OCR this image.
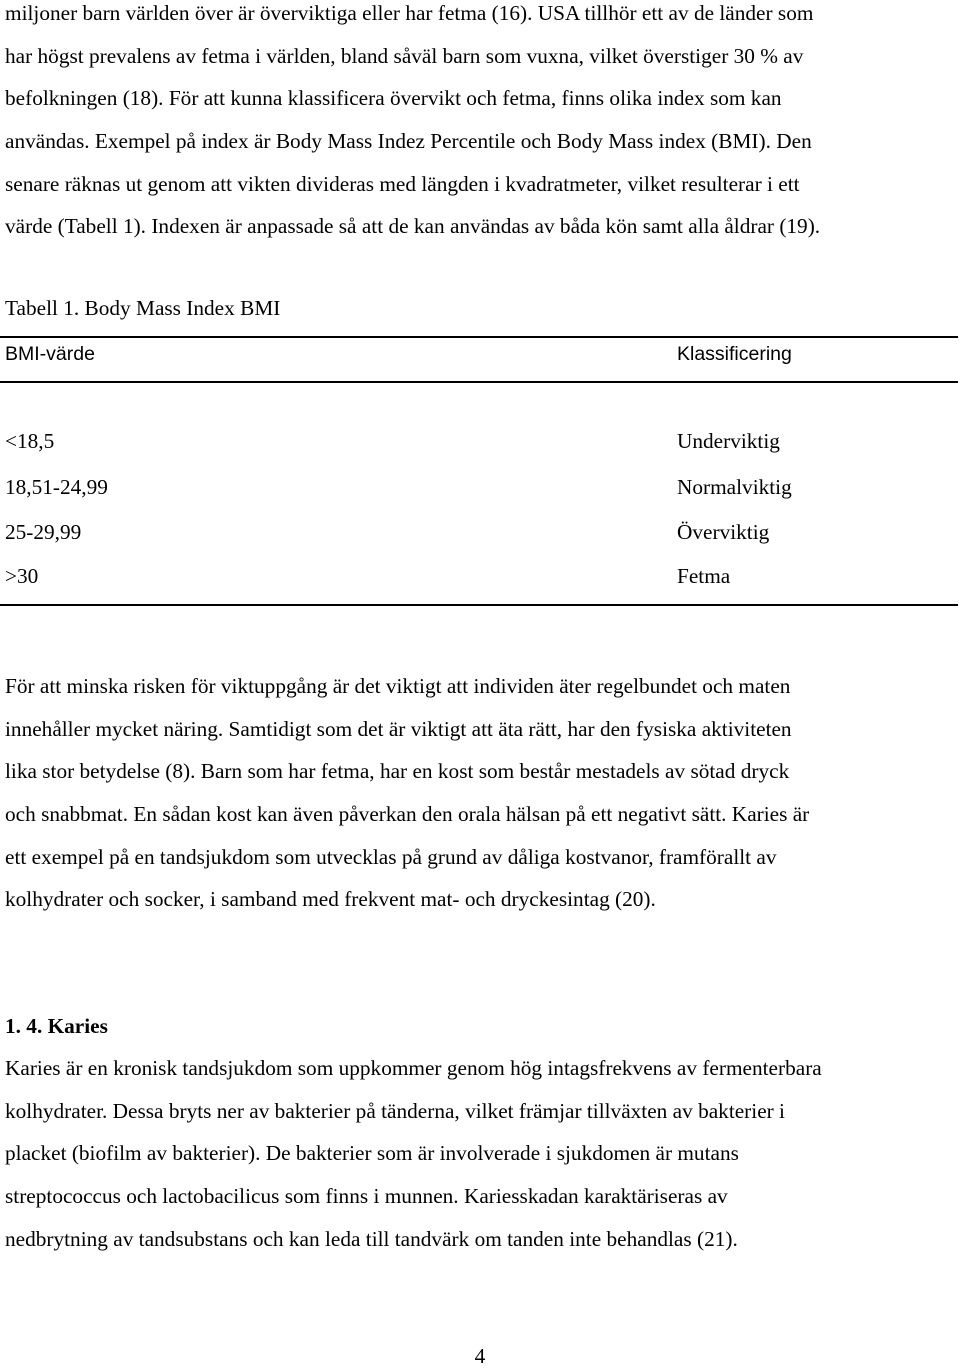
miljoner barn världen över är överviktiga eller har fetma (16). USA tillhör ett av de länder som
har högst prevalens av fetma i världen, bland såväl barn som vuxna, vilket överstiger 30 % av
befolkningen (18). För att kunna klassificera övervikt och fetma, finns olika index som kan
användas. Exempel på index är Body Mass Indez Percentile och Body Mass index (BMI). Den
senare räknas ut genom att vikten divideras med längden i kvadratmeter, vilket resulterar i ett
värde (Tabell 1). Indexen är anpassade så att de kan användas av båda kön samt alla åldrar (19).

Tabell 1. Body Mass Index BMI

BMI-värde	Klassificering
<18,5	Underviktig
18,51-24,99	Normalviktig
25-29,99	Överviktig
>30	Fetma

För att minska risken för viktuppgång är det viktigt att individen äter regelbundet och maten
innehåller mycket näring. Samtidigt som det är viktigt att äta rätt, har den fysiska aktiviteten
lika stor betydelse (8). Barn som har fetma, har en kost som består mestadels av sötad dryck
och snabbmat. En sådan kost kan även påverkan den orala hälsan på ett negativt sätt. Karies är
ett exempel på en tandsjukdom som utvecklas på grund av dåliga kostvanor, framförallt av
kolhydrater och socker, i samband med frekvent mat- och dryckesintag (20).

1. 4. Karies

Karies är en kronisk tandsjukdom som uppkommer genom hög intagsfrekvens av fermenterbara
kolhydrater. Dessa bryts ner av bakterier på tänderna, vilket främjar tillväxten av bakterier i
placket (biofilm av bakterier). De bakterier som är involverade i sjukdomen är mutans
streptococcus och lactobacilicus som finns i munnen. Kariesskadan karaktäriseras av
nedbrytning av tandsubstans och kan leda till tandvärk om tanden inte behandlas (21).

4
